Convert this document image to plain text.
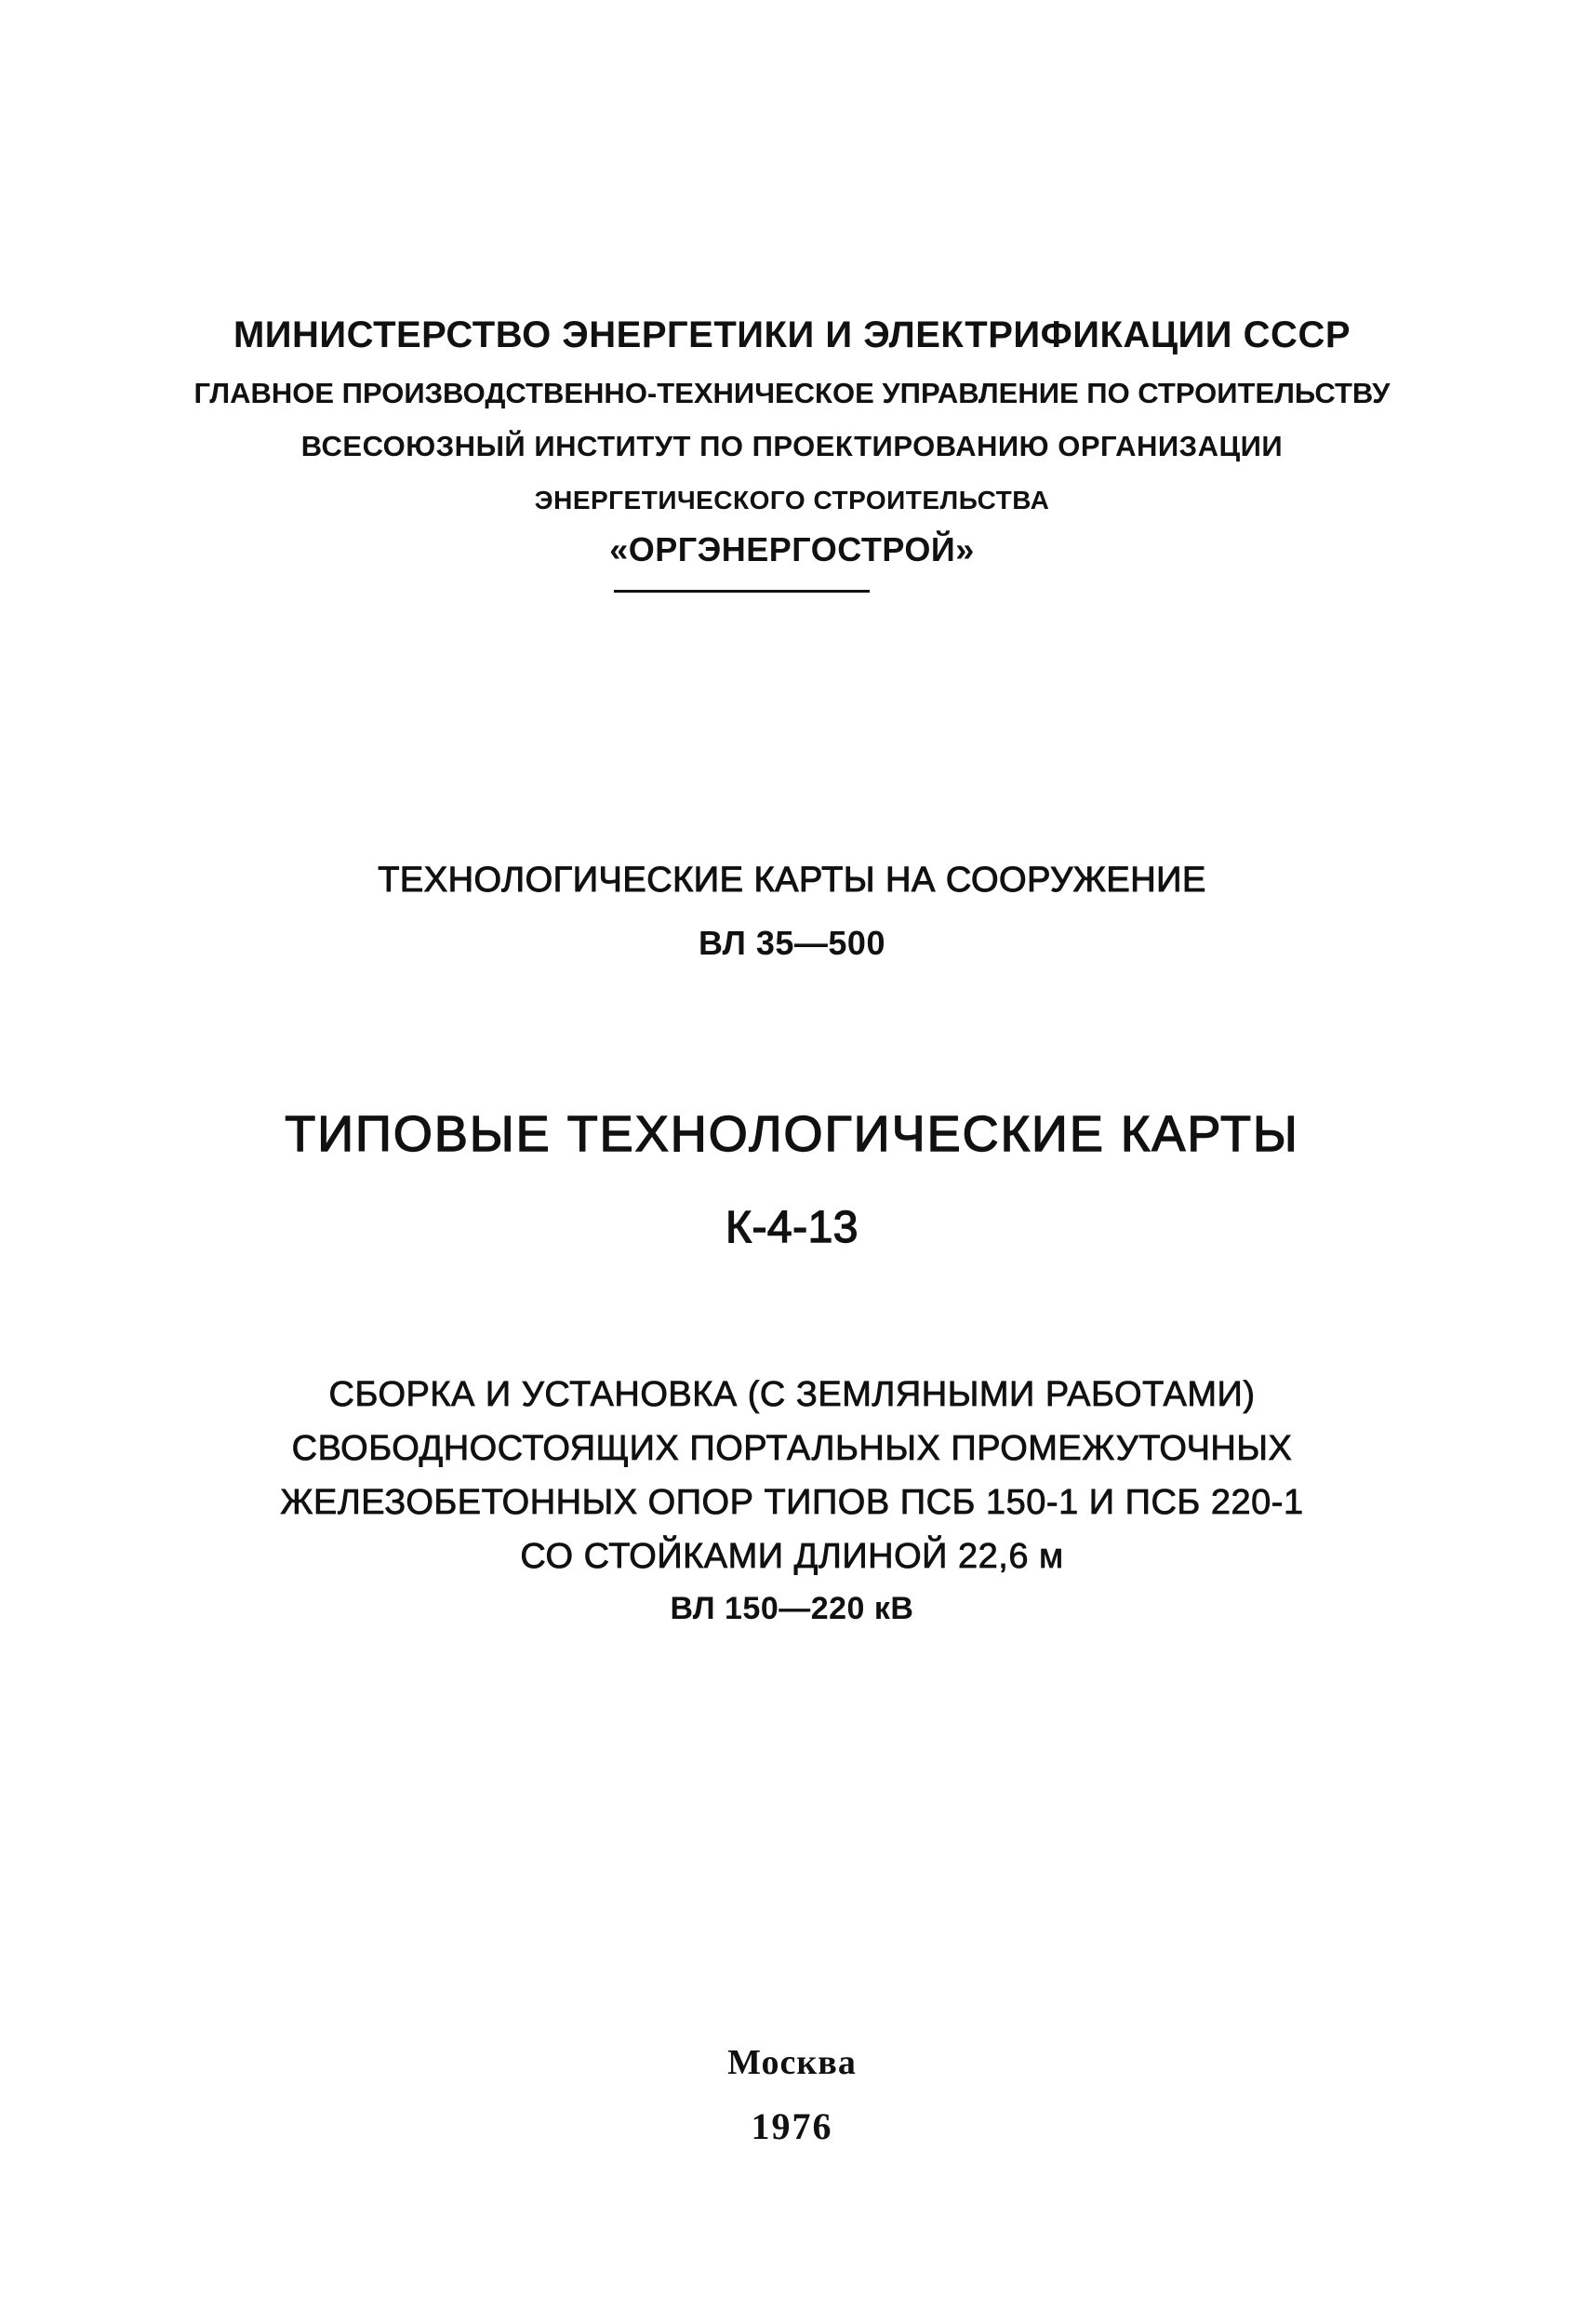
МИНИСТЕРСТВО ЭНЕРГЕТИКИ И ЭЛЕКТРИФИКАЦИИ СССР
ГЛАВНОЕ ПРОИЗВОДСТВЕННО-ТЕХНИЧЕСКОЕ УПРАВЛЕНИЕ ПО СТРОИТЕЛЬСТВУ
ВСЕСОЮЗНЫЙ ИНСТИТУТ ПО ПРОЕКТИРОВАНИЮ ОРГАНИЗАЦИИ
ЭНЕРГЕТИЧЕСКОГО СТРОИТЕЛЬСТВА
«ОРГЭНЕРГОСТРОЙ»
ТЕХНОЛОГИЧЕСКИЕ КАРТЫ НА СООРУЖЕНИЕ
ВЛ 35—500
ТИПОВЫЕ ТЕХНОЛОГИЧЕСКИЕ КАРТЫ
К-4-13
СБОРКА И УСТАНОВКА (С ЗЕМЛЯНЫМИ РАБОТАМИ)
СВОБОДНОСТОЯЩИХ ПОРТАЛЬНЫХ ПРОМЕЖУТОЧНЫХ
ЖЕЛЕЗОБЕТОННЫХ ОПОР ТИПОВ ПСБ 150-1 И ПСБ 220-1
СО СТОЙКАМИ ДЛИНОЙ 22,6 м
ВЛ 150—220 кВ
Москва
1976
